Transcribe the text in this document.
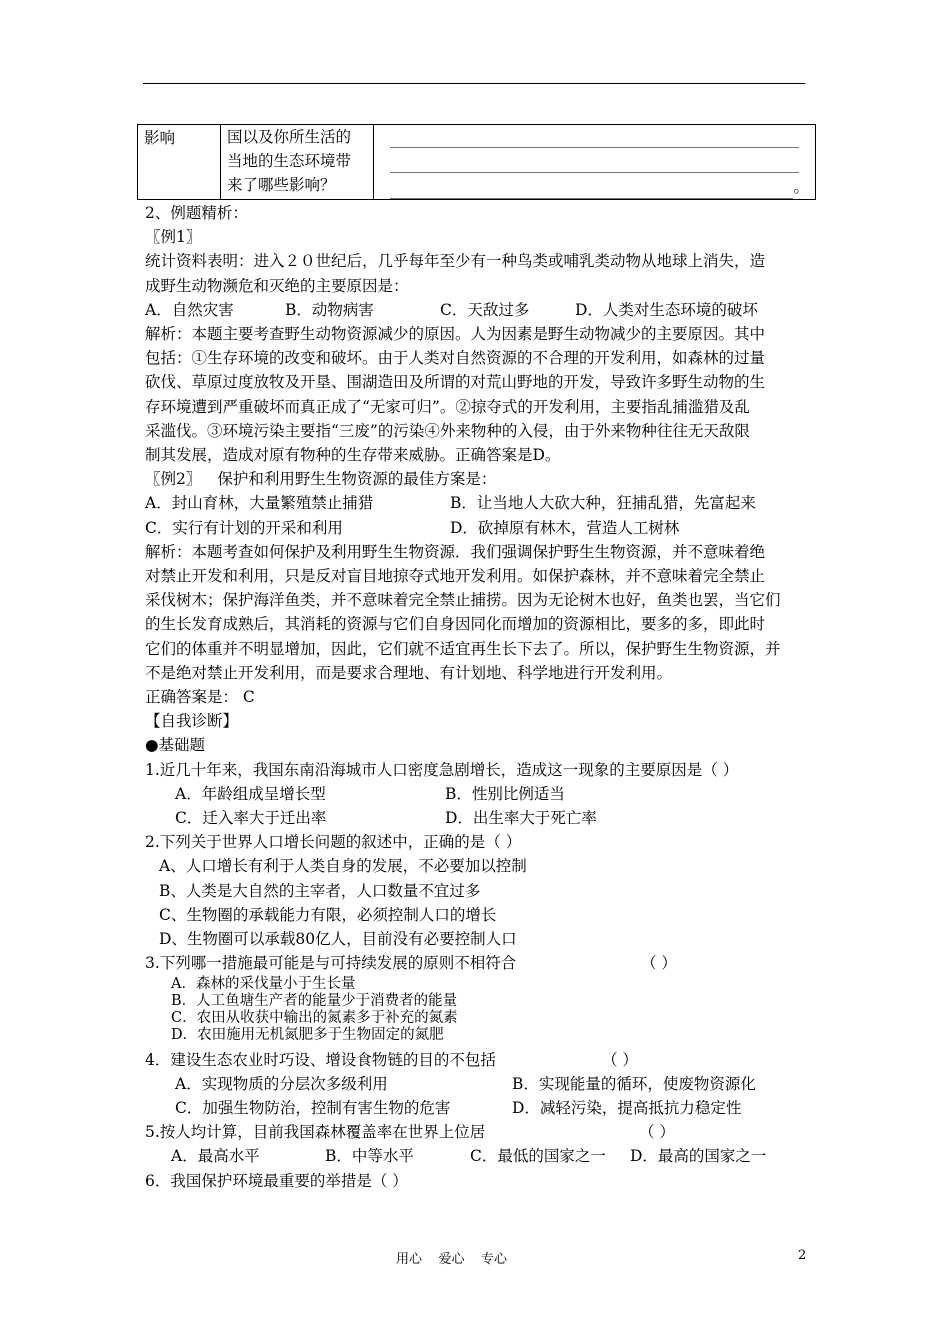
影响	国以及你所生活的
当地的生态环境带
来了哪些影响？	。
2、例题精析：
〖例1〗
统计资料表明：进入２０世纪后，几乎每年至少有一种鸟类或哺乳类动物从地球上消失，造
成野生动物濒危和灭绝的主要原因是：
A．自然灾害	B．动物病害	C．天敌过多	D．人类对生态环境的破坏
解析：本题主要考查野生动物资源减少的原因。人为因素是野生动物减少的主要原因。其中
包括：①生存环境的改变和破坏。由于人类对自然资源的不合理的开发利用，如森林的过量
砍伐、草原过度放牧及开垦、围湖造田及所谓的对荒山野地的开发，导致许多野生动物的生
存环境遭到严重破坏而真正成了“无家可归”。②掠夺式的开发利用，主要指乱捕滥猎及乱
采滥伐。③环境污染主要指“三废”的污染④外来物种的入侵，由于外来物种往往无天敌限
制其发展，造成对原有物种的生存带来威胁。正确答案是D。
〖例2〗 保护和利用野生生物资源的最佳方案是：
A．封山育林，大量繁殖禁止捕猎	B．让当地人大砍大种，狂捕乱猎，先富起来
C．实行有计划的开采和利用	D．砍掉原有林木，营造人工树林
解析：本题考查如何保护及利用野生生物资源．我们强调保护野生生物资源，并不意味着绝
对禁止开发和利用，只是反对盲目地掠夺式地开发利用。如保护森林，并不意味着完全禁止
采伐树木；保护海洋鱼类，并不意味着完全禁止捕捞。因为无论树木也好，鱼类也罢，当它们
的生长发育成熟后，其消耗的资源与它们自身因同化而增加的资源相比，要多的多，即此时
它们的体重并不明显增加，因此，它们就不适宜再生长下去了。所以，保护野生生物资源，并
不是绝对禁止开发利用，而是要求合理地、有计划地、科学地进行开发利用。
正确答案是： C
【自我诊断】
●基础题
1.近几十年来，我国东南沿海城市人口密度急剧增长，造成这一现象的主要原因是（ ）
A．年龄组成呈增长型	B．性别比例适当
C．迁入率大于迁出率	D．出生率大于死亡率
2.下列关于世界人口增长问题的叙述中，正确的是（ ）
A、人口增长有利于人类自身的发展，不必要加以控制
B、人类是大自然的主宰者，人口数量不宜过多
C、生物圈的承载能力有限，必须控制人口的增长
D、生物圈可以承载80亿人，目前没有必要控制人口
3.下列哪一措施最可能是与可持续发展的原则不相符合	（ ）
A．森林的采伐量小于生长量
B．人工鱼塘生产者的能量少于消费者的能量
C．农田从收获中输出的氮素多于补充的氮素
D．农田施用无机氮肥多于生物固定的氮肥
4．建设生态农业时巧设、增设食物链的目的不包括	（ ）
A．实现物质的分层次多级利用	B．实现能量的循环，使废物资源化
C．加强生物防治，控制有害生物的危害	D．减轻污染，提高抵抗力稳定性
5.按人均计算，目前我国森林覆盖率在世界上位居	（ ）
A．最高水平	B．中等水平	C．最低的国家之一	D．最高的国家之一
6．我国保护环境最重要的举措是（ ）
用心    爱心    专心	2
